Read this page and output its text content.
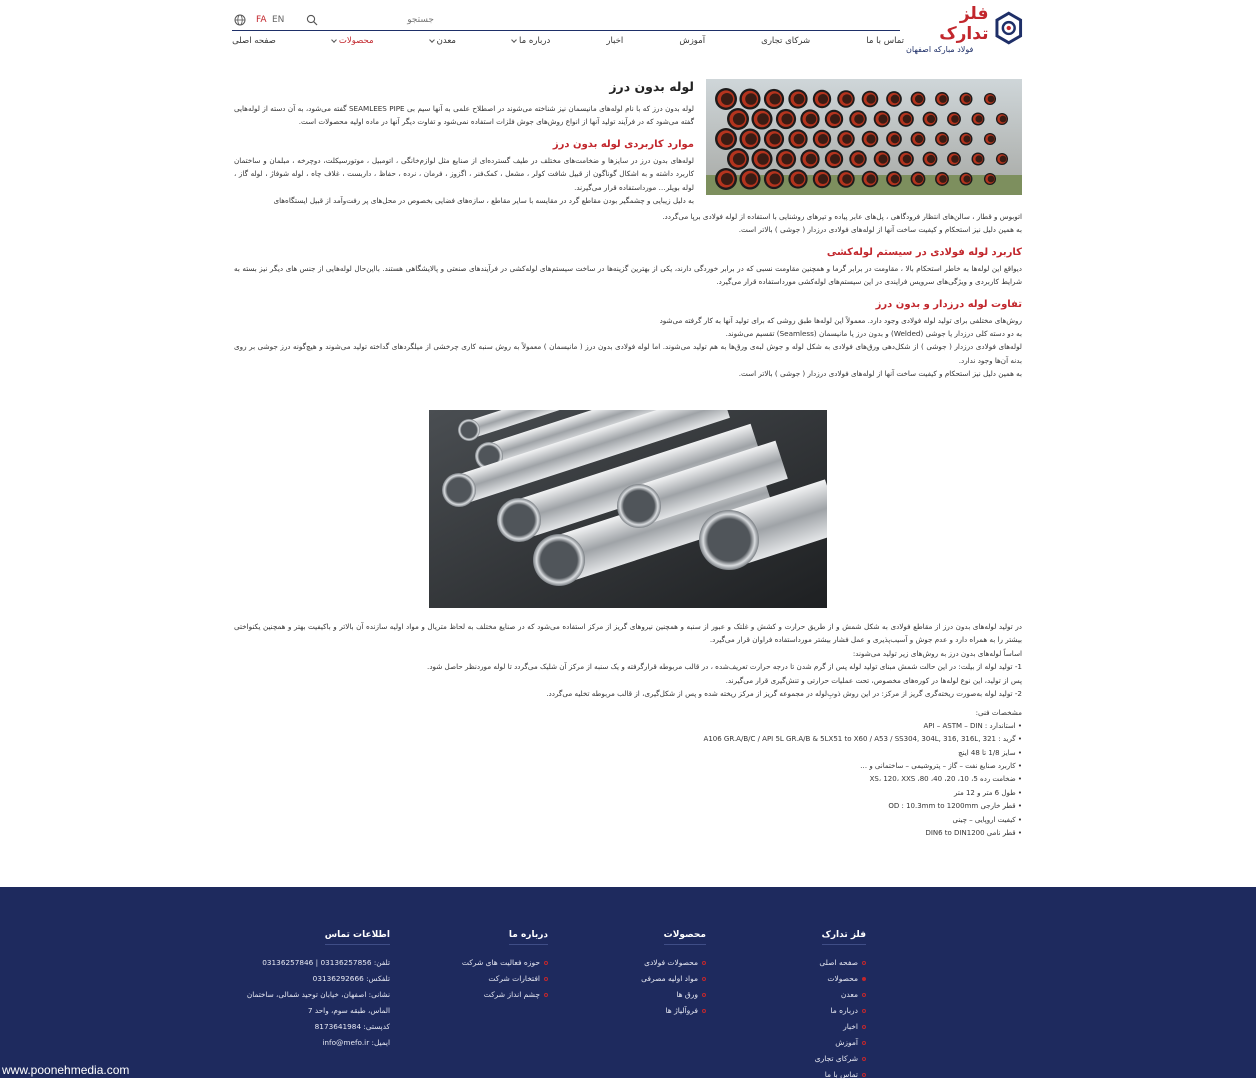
فلز تدارک
فولاد مبارکه اصفهان
FA EN
جستجو
صفحه اصلی	محصولات	معدن	درباره ما	اخبار	آموزش	شرکای تجاری	تماس با ما
لوله بدون درز

لوله بدون درز که با نام لوله‌های مانیسمان نیز شناخته می‌شوند در اصطلاح علمی به آنها سیم بی SEAMLEES PIPE گفته می‌شود، به آن دسته از لوله‌هایی گفته می‌شود که در فرآیند تولید آنها از انواع روش‌های جوش فلزات استفاده نمی‌شود و تفاوت دیگر آنها در ماده اولیه محصولات است.

موارد کاربردی لوله بدون درز

لوله‌های بدون درز در سایزها و ضخامت‌های مختلف در طیف گسترده‌ای از صنایع مثل لوازم‌خانگی ، اتومبیل ، موتورسیکلت، دوچرخه ، مبلمان و ساختمان کاربرد داشته و به اشکال گوناگون از قبیل شافت کولر ، مشعل ، کمک‌فنر ، اگزوز ، فرمان ، نرده ، حفاظ ، داربست ، غلاف چاه ، لوله شوفاژ ، لوله گاز ، لوله بویلر… مورداستفاده قرار می‌گیرند.

به دلیل زیبایی و چشمگیر بودن مقاطع گرد در مقایسه با سایر مقاطع ، سازه‌های فضایی بخصوص در محل‌های پر رفت‌وآمد از قبیل ایستگاه‌های

اتوبوس و قطار ، سالن‌های انتظار فرودگاهی ، پل‌های عابر پیاده و تیرهای روشنایی با استفاده از لوله فولادی برپا می‌گردد.

به همین دلیل نیز استحکام و کیفیت ساخت آنها از لوله‌های فولادی درزدار ( جوشی ) بالاتر است.

کاربرد لوله فولادی در سیستم لوله‌کشی

دیواقع این لوله‌ها به خاطر استحکام بالا ، مقاومت در برابر گرما و همچنین مقاومت نسبی که در برابر خوردگی دارند، یکی از بهترین گزینه‌ها در ساخت سیستم‌های لوله‌کشی در فرآیندهای صنعتی و پالایشگاهی هستند. بااین‌حال لوله‌هایی از جنس های دیگر نیز بسته به شرایط کاربردی و ویژگی‌های سرویس فرایندی در این سیستم‌های لوله‌کشی مورداستفاده قرار می‌گیرد.

تفاوت لوله درزدار و بدون درز

روش‌های مختلفی برای تولید لوله فولادی وجود دارد. معمولاً این لوله‌ها طبق روشی که برای تولید آنها به کار گرفته می‌شود

به دو دسته کلی درزدار یا جوشی (Welded) و بدون درز یا مانیسمان (Seamless) تقسیم می‌شوند.

لوله‌های فولادی درزدار ( جوشی ) از شکل‌دهی ورق‌های فولادی به شکل لوله و جوش لبه‌ی ورق‌ها به هم تولید می‌شوند. اما لوله فولادی بدون درز ( مانیسمان ) معمولاً به روش سنبه کاری چرخشی از میلگردهای گداخته تولید می‌شوند و هیچ‌گونه درز جوشی بر روی بدنه آن‌ها وجود ندارد.

به همین دلیل نیز استحکام و کیفیت ساخت آنها از لوله‌های فولادی درزدار ( جوشی ) بالاتر است.

در تولید لوله‌های بدون درز از مقاطع فولادی به شکل شمش و از طریق حرارت و کشش و غلتک و عبور از سنبه و همچنین نیروهای گریز از مرکز استفاده می‌شود که در صنایع مختلف به لحاظ متریال و مواد اولیه سازنده آن بالاتر و باکیفیت بهتر و همچنین یکنواختی بیشتر را به همراه دارد و عدم جوش و آسیب‌پذیری و عمل فشار بیشتر مورداستفاده فراوان قرار می‌گیرد.

اساساً لوله‌های بدون درز به روش‌های زیر تولید می‌شوند:

1- تولید لوله از بیلت: در این حالت شمش مبنای تولید لوله پس از گرم شدن تا درجه حرارت تعریف‌شده ، در قالب مربوطه قرارگرفته و یک سنبه از مرکز آن شلیک می‌گردد تا لوله موردنظر حاصل شود.

پس از تولید، این نوع لوله‌ها در کوره‌های مخصوص، تحت عملیات حرارتی و تنش‌گیری قرار می‌گیرند.

2- تولید لوله به‌صورت ریخته‌گری گریز از مرکز: در این روش ذوب‌ِلوله در مجموعه گریز از مرکز ریخته شده و پس از شکل‌گیری، از قالب مربوطه تخلیه می‌گردد.

مشخصات فنی:

• استاندارد : API – ASTM – DIN
• گرید : A106 GR.A/B/C / API 5L GR.A/B & 5LX51 to X60 / A53 / SS304, 304L, 316, 316L, 321
• سایز 1/8 تا 48 اینچ
• کاربرد صنایع نفت – گاز – پتروشیمی – ساختمانی و …
• ضخامت رده 5، 10، 20، 40، 80، XS، 120، XXS
• طول 6 متر و 12 متر
• قطر خارجی OD : 10.3mm to 1200mm
• کیفیت اروپایی – چینی
• قطر نامی DIN6 to DIN1200
فلز تدارک
صفحه اصلی
محصولات
معدن
درباره ما
اخبار
آموزش
شرکای تجاری
تماس با ما
محصولات
محصولات فولادی
مواد اولیه مصرفی
ورق ها
فروآلیاژ ها
درباره ما
حوزه فعالیت های شرکت
افتخارات شرکت
چشم انداز شرکت
اطلاعات تماس
تلفن: 03136257856 | 03136257846
تلفکس: 03136292666
نشانی: اصفهان، خیابان توحید شمالی، ساختمان
الماس، طبقه سوم، واحد 7
کدپستی: 8173641984
ایمیل: info@mefo.ir
www.poonehmedia.com
